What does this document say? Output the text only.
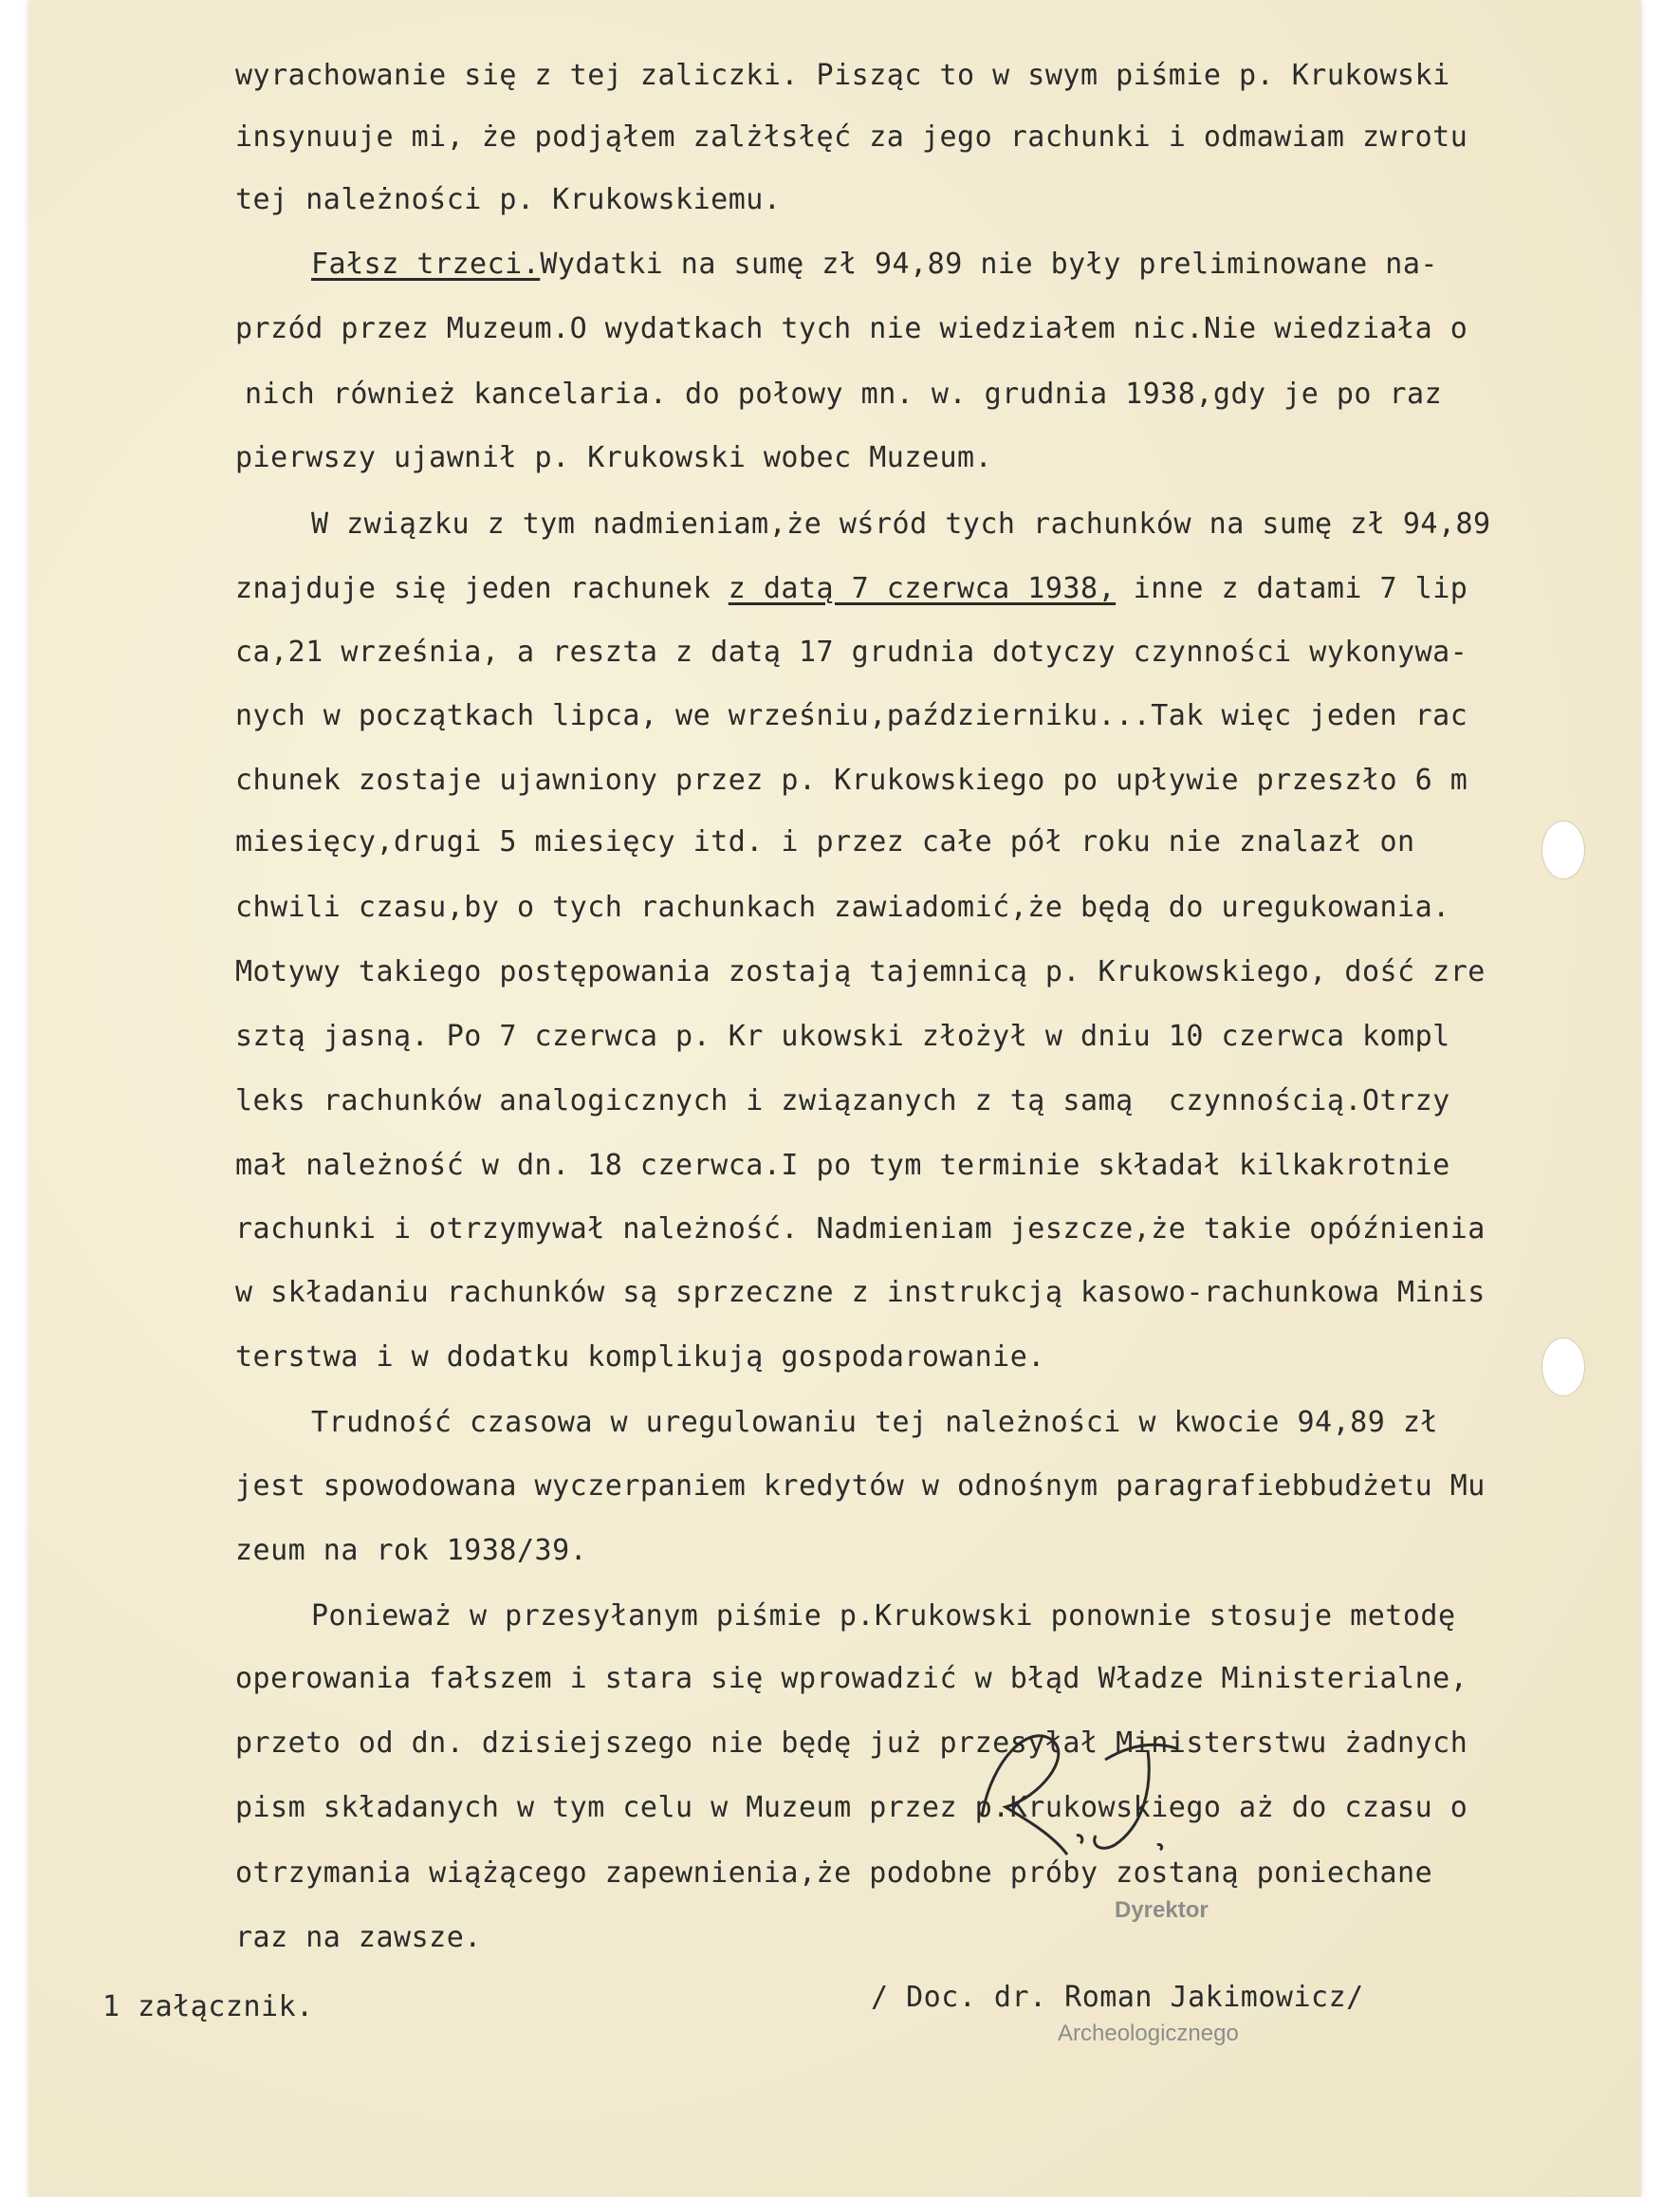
wyrachowanie się z tej zaliczki. Pisząc to w swym piśmie p. Krukowski
insynuuje mi, że podjąłem zalżłsłęć za jego rachunki i odmawiam zwrotu
tej należności p. Krukowskiemu.
Fałsz trzeci.Wydatki na sumę zł 94,89 nie były preliminowane na-
przód przez Muzeum.O wydatkach tych nie wiedziałem nic.Nie wiedziała o
nich również kancelaria. do połowy mn. w. grudnia 1938,gdy je po raz
pierwszy ujawnił p. Krukowski wobec Muzeum.
W związku z tym nadmieniam,że wśród tych rachunków na sumę zł 94,89
znajduje się jeden rachunek z datą 7 czerwca 1938, inne z datami 7 lip
ca,21 września, a reszta z datą 17 grudnia dotyczy czynności wykonywa-
nych w początkach lipca, we wrześniu,październiku...Tak więc jeden rac
chunek zostaje ujawniony przez p. Krukowskiego po upływie przeszło 6 m
miesięcy,drugi 5 miesięcy itd. i przez całe pół roku nie znalazł on
chwili czasu,by o tych rachunkach zawiadomić,że będą do uregukowania.
Motywy takiego postępowania zostają tajemnicą p. Krukowskiego, dość zre
sztą jasną. Po 7 czerwca p. Kr ukowski złożył w dniu 10 czerwca kompl
leks rachunków analogicznych i związanych z tą samą  czynnością.Otrzy
mał należność w dn. 18 czerwca.I po tym terminie składał kilkakrotnie
rachunki i otrzymywał należność. Nadmieniam jeszcze,że takie opóźnienia
w składaniu rachunków są sprzeczne z instrukcją kasowo-rachunkowa Minis
terstwa i w dodatku komplikują gospodarowanie.
Trudność czasowa w uregulowaniu tej należności w kwocie 94,89 zł
jest spowodowana wyczerpaniem kredytów w odnośnym paragrafiebbudżetu Mu
zeum na rok 1938/39.
Ponieważ w przesyłanym piśmie p.Krukowski ponownie stosuje metodę
operowania fałszem i stara się wprowadzić w błąd Władze Ministerialne,
przeto od dn. dzisiejszego nie będę już przesyłał Ministerstwu żadnych
pism składanych w tym celu w Muzeum przez p.Krukowskiego aż do czasu o
otrzymania wiążącego zapewnienia,że podobne próby zostaną poniechane
raz na zawsze.
Dyrektor
Archeologicznego
1 załącznik.	/ Doc. dr. Roman Jakimowicz/
